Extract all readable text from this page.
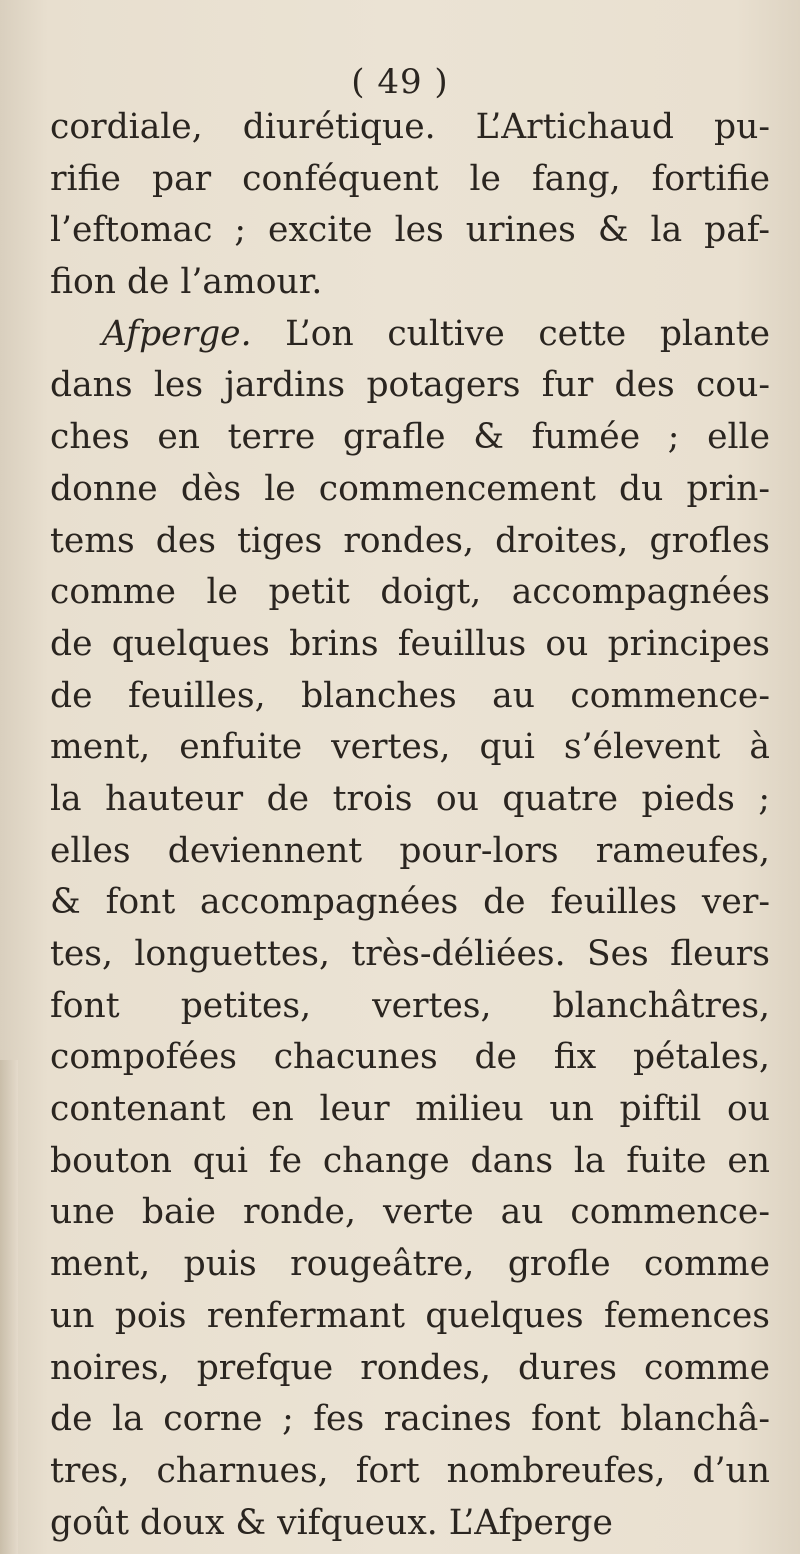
( 49 )
cordiale, diurétique. L’Artichaud pu-
rifie par conféquent le fang, fortifie
l’eftomac ; excite les urines & la paf-
fion de l’amour.
Afperge. L’on cultive cette plante
dans les jardins potagers fur des cou-
ches en terre grafle & fumée ; elle
donne dès le commencement du prin-
tems des tiges rondes, droites, grofles
comme le petit doigt, accompagnées
de quelques brins feuillus ou principes
de feuilles, blanches au commence-
ment, enfuite vertes, qui s’élevent à
la hauteur de trois ou quatre pieds ;
elles deviennent pour-lors rameufes,
& font accompagnées de feuilles ver-
tes, longuettes, très-déliées. Ses fleurs
font petites, vertes, blanchâtres,
compofées chacunes de fix pétales,
contenant en leur milieu un piftil ou
bouton qui fe change dans la fuite en
une baie ronde, verte au commence-
ment, puis rougeâtre, grofle comme
un pois renfermant quelques femences
noires, prefque rondes, dures comme
de la corne ; fes racines font blanchâ-
tres, charnues, fort nombreufes, d’un
goût doux & vifqueux. L’Afperge
